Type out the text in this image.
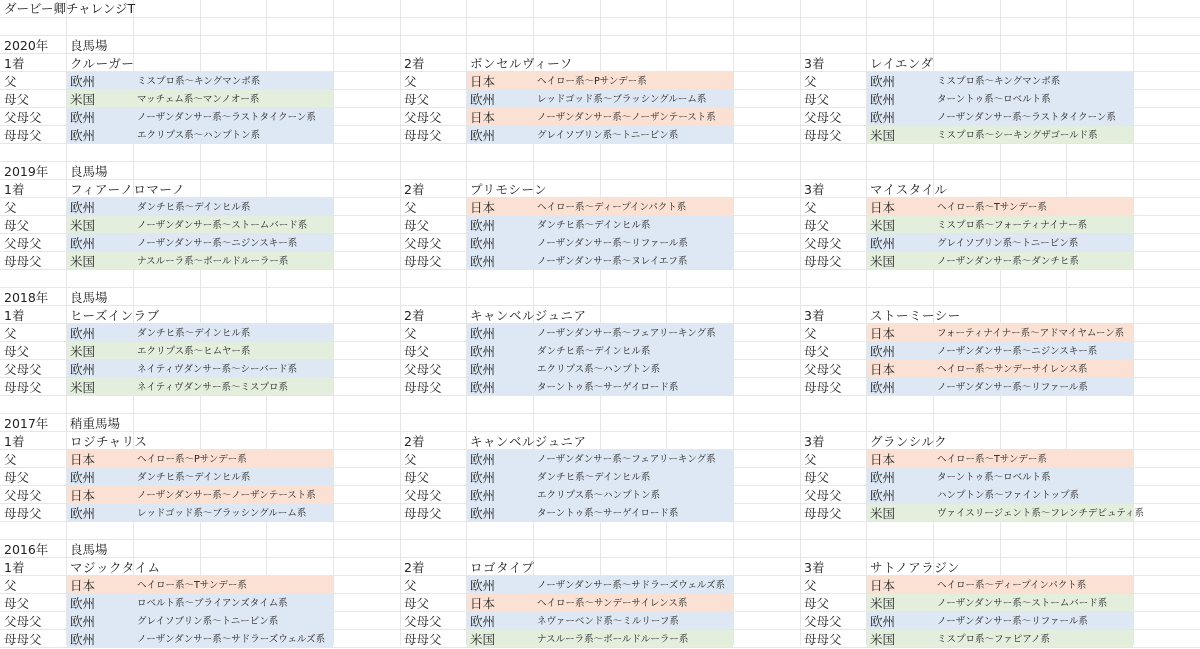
ダービー卿チャレンジT
2020年 良馬場
1着	クルーガー
父	欧州	ミスプロ系～キングマンボ系
母父	米国	マッチェム系～マンノオー系
父母父 欧州	ノーザンダンサー系～ラストタイクーン系
母母父 欧州	エクリプス系～ハンプトン系
2着	ボンセルヴィーソ
父	日本	ヘイロー系～Pサンデー系
母父	欧州	レッドゴッド系～ブラッシングルーム系
父母父 日本	ノーザンダンサー系～ノーザンテースト系
母母父 欧州	グレイソブリン系～トニービン系
3着	レイエンダ
父	欧州	ミスプロ系～キングマンボ系
母父	欧州	ターントゥ系～ロベルト系
父母父 欧州	ノーザンダンサー系～ラストタイクーン系
母母父 米国	ミスプロ系～シーキングザゴールド系
2019年 良馬場
1着	フィアーノロマーノ
父	欧州	ダンチヒ系～デインヒル系
母父	米国	ノーザンダンサー系～ストームバード系
父母父 欧州	ノーザンダンサー系～ニジンスキー系
母母父 米国	ナスルーラ系～ボールドルーラー系
2着	プリモシーン
父	日本	ヘイロー系～ディープインパクト系
母父	欧州	ダンチヒ系～デインヒル系
父母父 欧州	ノーザンダンサー系～リファール系
母母父 欧州	ノーザンダンサー系～ヌレイエフ系
3着	マイスタイル
父	日本	ヘイロー系～Tサンデー系
母父	米国	ミスプロ系～フォーティナイナー系
父母父 欧州	グレイソブリン系～トニービン系
母母父 米国	ノーザンダンサー系～ダンチヒ系
2018年 良馬場
1着	ヒーズインラブ
父	欧州	ダンチヒ系～デインヒル系
母父	米国	エクリプス系～ヒムヤー系
父母父 欧州	ネイティヴダンサー系～シーバード系
母母父 米国	ネイティヴダンサー系～ミスプロ系
2着	キャンベルジュニア
父	欧州	ノーザンダンサー系～フェアリーキング系
母父	欧州	ダンチヒ系～デインヒル系
父母父 欧州	エクリプス系～ハンプトン系
母母父 欧州	ターントゥ系～サーゲイロード系
3着	ストーミーシー
父	日本	フォーティナイナー系～アドマイヤムーン系
母父	欧州	ノーザンダンサー系～ニジンスキー系
父母父 日本	ヘイロー系～サンデーサイレンス系
母母父 欧州	ノーザンダンサー系～リファール系
2017年 稍重馬場
1着	ロジチャリス
父	日本	ヘイロー系～Pサンデー系
母父	欧州	ダンチヒ系～デインヒル系
父母父 日本	ノーザンダンサー系～ノーザンテースト系
母母父 欧州	レッドゴッド系～ブラッシングルーム系
2着	キャンベルジュニア
父	欧州	ノーザンダンサー系～フェアリーキング系
母父	欧州	ダンチヒ系～デインヒル系
父母父 欧州	エクリプス系～ハンプトン系
母母父 欧州	ターントゥ系～サーゲイロード系
3着	グランシルク
父	日本	ヘイロー系～Tサンデー系
母父	欧州	ターントゥ系～ロベルト系
父母父 欧州	ハンプトン系～ファイントップ系
母母父 米国	ヴァイスリージェント系～フレンチデピュティ系
2016年 良馬場
1着	マジックタイム
父	日本	ヘイロー系～Tサンデー系
母父	欧州	ロベルト系～ブライアンズタイム系
父母父 欧州	グレイソブリン系～トニービン系
母母父 欧州	ノーザンダンサー系～サドラーズウェルズ系
2着	ロゴタイプ
父	欧州	ノーザンダンサー系～サドラーズウェルズ系
母父	日本	ヘイロー系～サンデーサイレンス系
父母父 欧州	ネヴァーベンド系～ミルリーフ系
母母父 米国	ナスルーラ系～ボールドルーラー系
3着	サトノアラジン
父	日本	ヘイロー系～ディープインパクト系
母父	米国	ノーザンダンサー系～ストームバード系
父母父 欧州	ノーザンダンサー系～リファール系
母母父 米国	ミスプロ系～ファピアノ系
